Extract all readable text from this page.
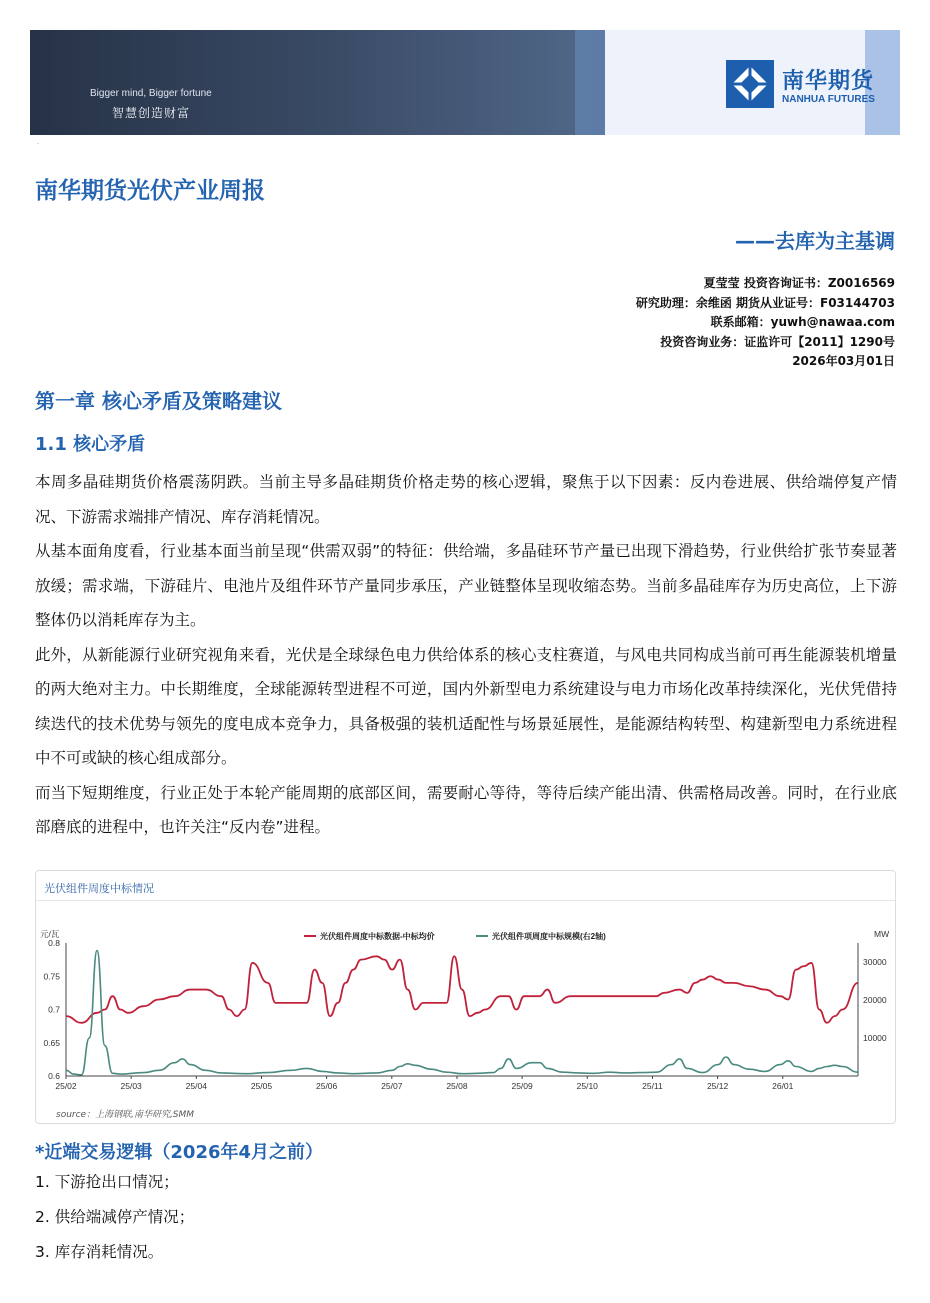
Bigger mind, Bigger fortune
智慧创造财富
南华期货
NANHUA FUTURES
·
南华期货光伏产业周报
——去库为主基调
夏莹莹 投资咨询证书：Z0016569
研究助理：余维函 期货从业证号：F03144703
联系邮箱：yuwh@nawaa.com
投资咨询业务：证监许可【2011】1290号
2026年03月01日
第一章 核心矛盾及策略建议
1.1 核心矛盾

本周多晶硅期货价格震荡阴跌。当前主导多晶硅期货价格走势的核心逻辑，聚焦于以下因素：反内卷进展、供给端停复产情况、下游需求端排产情况、库存消耗情况。

从基本面角度看，行业基本面当前呈现“供需双弱”的特征：供给端，多晶硅环节产量已出现下滑趋势，行业供给扩张节奏显著放缓；需求端，下游硅片、电池片及组件环节产量同步承压，产业链整体呈现收缩态势。当前多晶硅库存为历史高位，上下游整体仍以消耗库存为主。

此外，从新能源行业研究视角来看，光伏是全球绿色电力供给体系的核心支柱赛道，与风电共同构成当前可再生能源装机增量的两大绝对主力。中长期维度，全球能源转型进程不可逆，国内外新型电力系统建设与电力市场化改革持续深化，光伏凭借持续迭代的技术优势与领先的度电成本竞争力，具备极强的装机适配性与场景延展性，是能源结构转型、构建新型电力系统进程中不可或缺的核心组成部分。

而当下短期维度，行业正处于本轮产能周期的底部区间，需要耐心等待，等待后续产能出清、供需格局改善。同时，在行业底部磨底的进程中，也许关注“反内卷”进程。

光伏组件周度中标情况
元/瓦	MW
0.8
0.75
0.7
0.65
0.6
30000
20000
10000
25/02	25/03	25/04	25/05	25/06	25/07	25/08	25/09	25/10	25/11	25/12	26/01
光伏组件周度中标数据-中标均价	光伏组件项周度中标规模(右2轴)
source：上海钢联,南华研究,SMM
*近端交易逻辑（2026年4月之前）
1. 下游抢出口情况；
2. 供给端减停产情况；
3. 库存消耗情况。
